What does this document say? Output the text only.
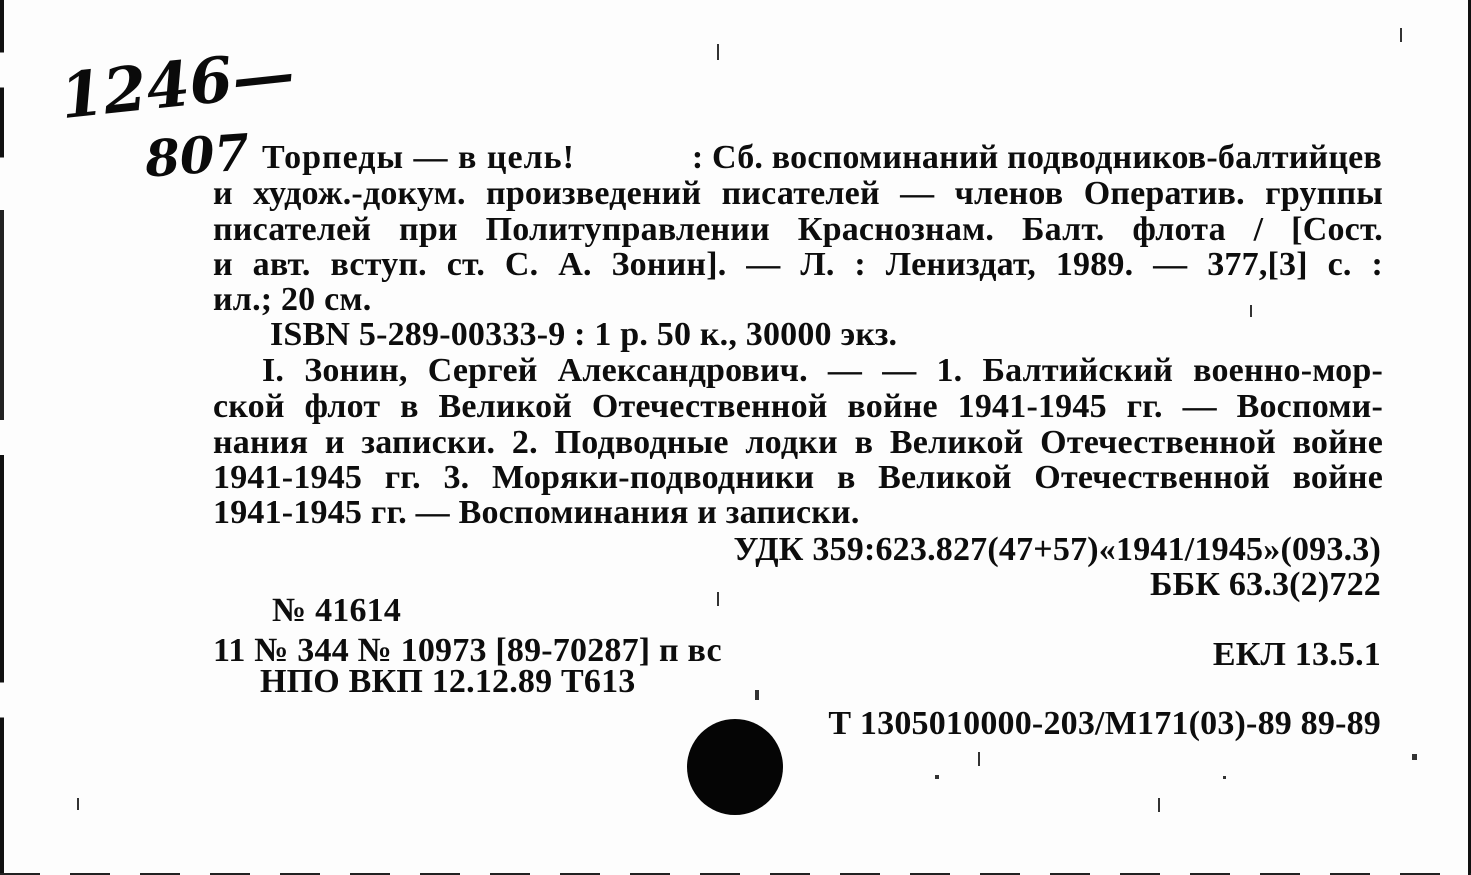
1246—
807 Торпеды — в цель!	: Сб. воспоминаний подводников-балтийцев
и худож.-докум. произведений писателей — членов Оператив. группы
писателей при Политуправлении Краснознам. Балт. флота / [Сост.
и авт. вступ. ст. С. А. Зонин]. — Л. : Лениздат, 1989. — 377,[3] с. :
ил.; 20 см.
ISBN 5-289-00333-9 : 1 р. 50 к., 30000 экз.
I. Зонин, Сергей Александрович. — — 1. Балтийский военно-мор-
ской флот в Великой Отечественной войне 1941-1945 гг. — Воспоми-
нания и записки. 2. Подводные лодки в Великой Отечественной войне
1941-1945 гг. 3. Моряки-подводники в Великой Отечественной войне
1941-1945 гг. — Воспоминания и записки.
УДК 359:623.827(47+57)«1941/1945»(093.3)
ББК 63.3(2)722
№ 41614
11 № 344 № 10973 [89-70287] п вс	ЕКЛ 13.5.1
НПО ВКП 12.12.89 Т613
Т 1305010000-203/М171(03)-89 89-89
